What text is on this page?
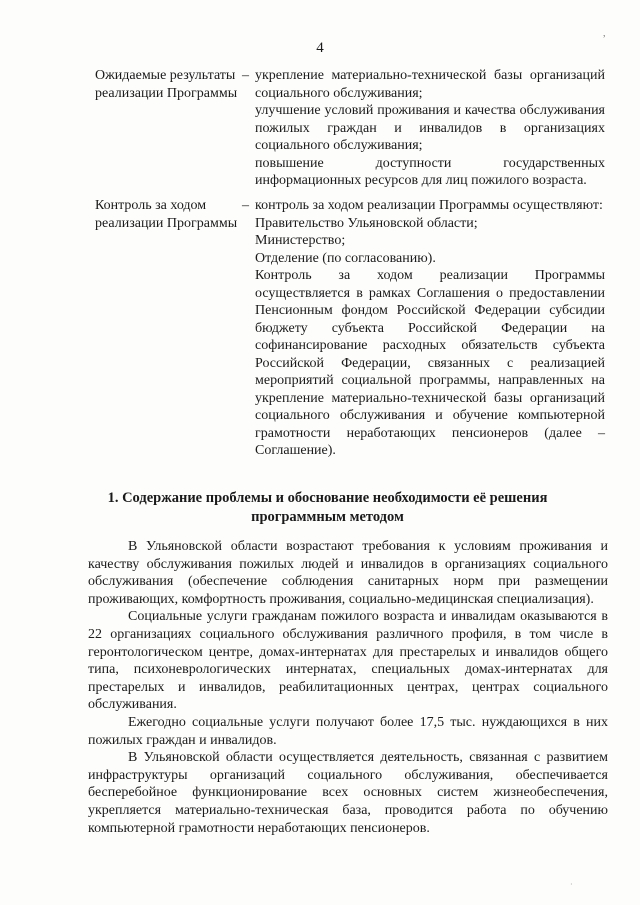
,
4
Ожидаемые результаты реализации Программы
– укрепление материально-технической базы организаций социального обслуживания;

улучшение условий проживания и качества обслуживания пожилых граждан и инвалидов в организациях социального обслуживания;

повышение доступности государственных информационных ресурсов для лиц пожилого возраста.

Контроль за ходом реализации Программы
– контроль за ходом реализации Программы осуществляют:

Правительство Ульяновской области;

Министерство;

Отделение (по согласованию).

Контроль за ходом реализации Программы осуществляется в рамках Соглашения о предоставлении Пенсионным фондом Российской Федерации субсидии бюджету субъекта Российской Федерации на софинансирование расходных обязательств субъекта Российской Федерации, связанных с реализацией мероприятий социальной программы, направленных на укрепление материально-технической базы организаций социального обслуживания и обучение компьютерной грамотности неработающих пенсионеров (далее – Соглашение).

1. Содержание проблемы и обоснование необходимости её решения программным методом

В Ульяновской области возрастают требования к условиям проживания и качеству обслуживания пожилых людей и инвалидов в организациях социального обслуживания (обеспечение соблюдения санитарных норм при размещении проживающих, комфортность проживания, социально-медицинская специализация).

Социальные услуги гражданам пожилого возраста и инвалидам оказываются в 22 организациях социального обслуживания различного профиля, в том числе в геронтологическом центре, домах-интернатах для престарелых и инвалидов общего типа, психоневрологических интернатах, специальных домах-интернатах для престарелых и инвалидов, реабилитационных центрах, центрах социального обслуживания.

Ежегодно социальные услуги получают более 17,5 тыс. нуждающихся в них пожилых граждан и инвалидов.

В Ульяновской области осуществляется деятельность, связанная с развитием инфраструктуры организаций социального обслуживания, обеспечивается бесперебойное функционирование всех основных систем жизнеобеспечения, укрепляется материально-техническая база, проводится работа по обучению компьютерной грамотности неработающих пенсионеров.

·
